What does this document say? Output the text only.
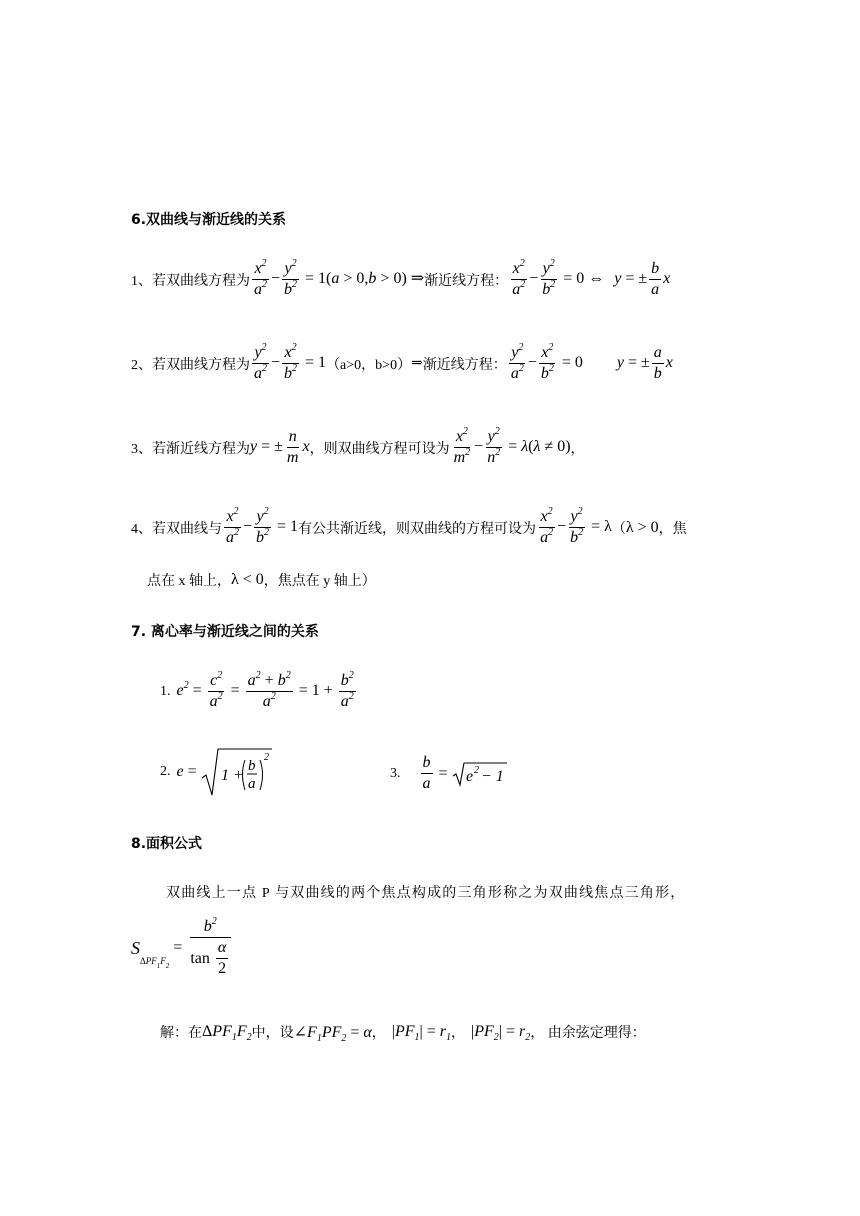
6.双曲线与渐近线的关系
1、若双曲线方程为 $\frac{x^2}{a^2} - \frac{y^2}{b^2} = 1(a > 0,b > 0)$ ⇒ 渐近线方程： $\frac{x^2}{a^2} - \frac{y^2}{b^2} = 0$ ⇔ y = ± $\frac{b}{a}$ x
2、若双曲线方程为 $\frac{y^2}{a^2} - \frac{x^2}{b^2} = 1$ （a>0，b>0） ⇒ 渐近线方程： $\frac{y^2}{a^2} - \frac{x^2}{b^2} = 0$ y = ± $\frac{a}{b}$ x
3、若渐近线方程为 y = ± $\frac{n}{m}$ x ，则双曲线方程可设为 $\frac{x^2}{m^2} - \frac{y^2}{n^2} = \lambda(\lambda \ne 0)$ ，
4、若双曲线与 $\frac{x^2}{a^2} - \frac{y^2}{b^2} = 1$ 有公共渐近线，则双曲线的方程可设为 $\frac{x^2}{a^2} - \frac{y^2}{b^2} = \lambda$ （ λ > 0 ，焦
点在 x 轴上， λ < 0 ，焦点在 y 轴上）
7. 离心率与渐近线之间的关系
1. $e^2 = \frac{c^2}{a^2} = \frac{a^2 + b^2}{a^2} = 1 + \frac{b^2}{a^2}$
2. e = 1 +
b
a
2
3. $\frac{b}{a} = e$ 2 − 1
8.面积公式
双曲线上一点 P 与双曲线的两个焦点构成的三角形称之为双曲线焦点三角形，
S
Δ $PF_1F_2$
= $\frac{b^2}{\tan \frac{\alpha}{2}}$
解：在 $\Delta PF_1F_2$ 中，设 $\angle F_1PF_2 = \alpha$ ， $|PF_1| = r_1$ ， $|PF_2| = r_2$ ， 由余弦定理得：
